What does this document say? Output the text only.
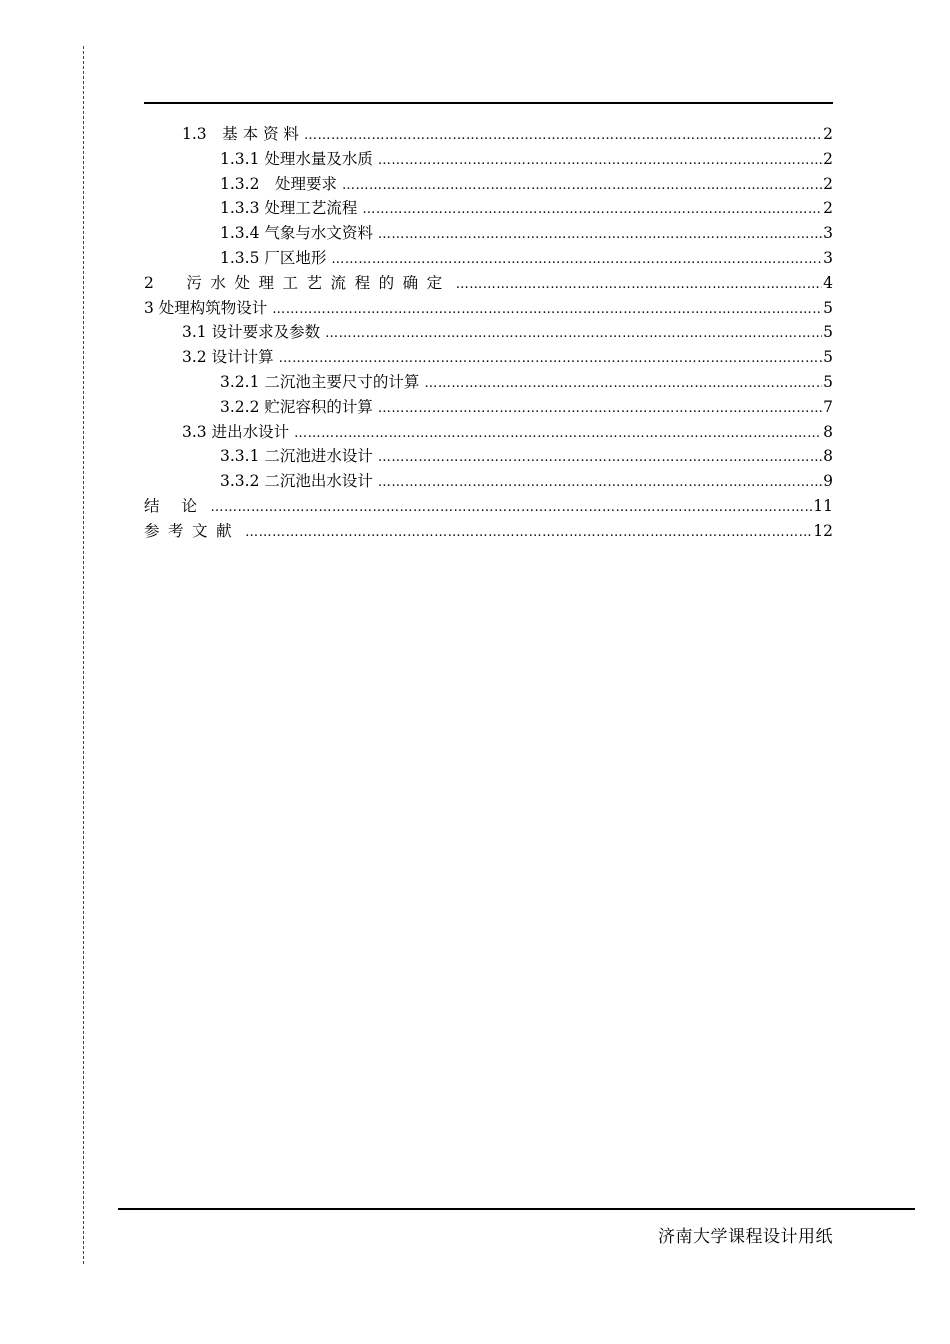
1.3　基 本 资 料 ……………………………………………………………………………………………………………………………………………………………………	2
1.3.1 处理水量及水质 ……………………………………………………………………………………………………………………………………………………………………	2
1.3.2　处理要求 ……………………………………………………………………………………………………………………………………………………………………	2
1.3.3 处理工艺流程 ……………………………………………………………………………………………………………………………………………………………………	2
1.3.4 气象与水文资料 ……………………………………………………………………………………………………………………………………………………………………	3
1.3.5 厂区地形 ……………………………………………………………………………………………………………………………………………………………………	3
2　污水处理工艺流程的确定 ……………………………………………………………………………………………………………………………………………………………………	4
3 处理构筑物设计 ……………………………………………………………………………………………………………………………………………………………………	5
3.1 设计要求及参数 ……………………………………………………………………………………………………………………………………………………………………	5
3.2 设计计算 ……………………………………………………………………………………………………………………………………………………………………	5
3.2.1 二沉池主要尺寸的计算 ……………………………………………………………………………………………………………………………………………………………………	5
3.2.2 贮泥容积的计算 ……………………………………………………………………………………………………………………………………………………………………	7
3.3 进出水设计 ……………………………………………………………………………………………………………………………………………………………………	8
3.3.1 二沉池进水设计 ……………………………………………………………………………………………………………………………………………………………………	8
3.3.2 二沉池出水设计 ……………………………………………………………………………………………………………………………………………………………………	9
结 论 ……………………………………………………………………………………………………………………………………………………………………	11
参考文献 ……………………………………………………………………………………………………………………………………………………………………	12
济南大学课程设计用纸
